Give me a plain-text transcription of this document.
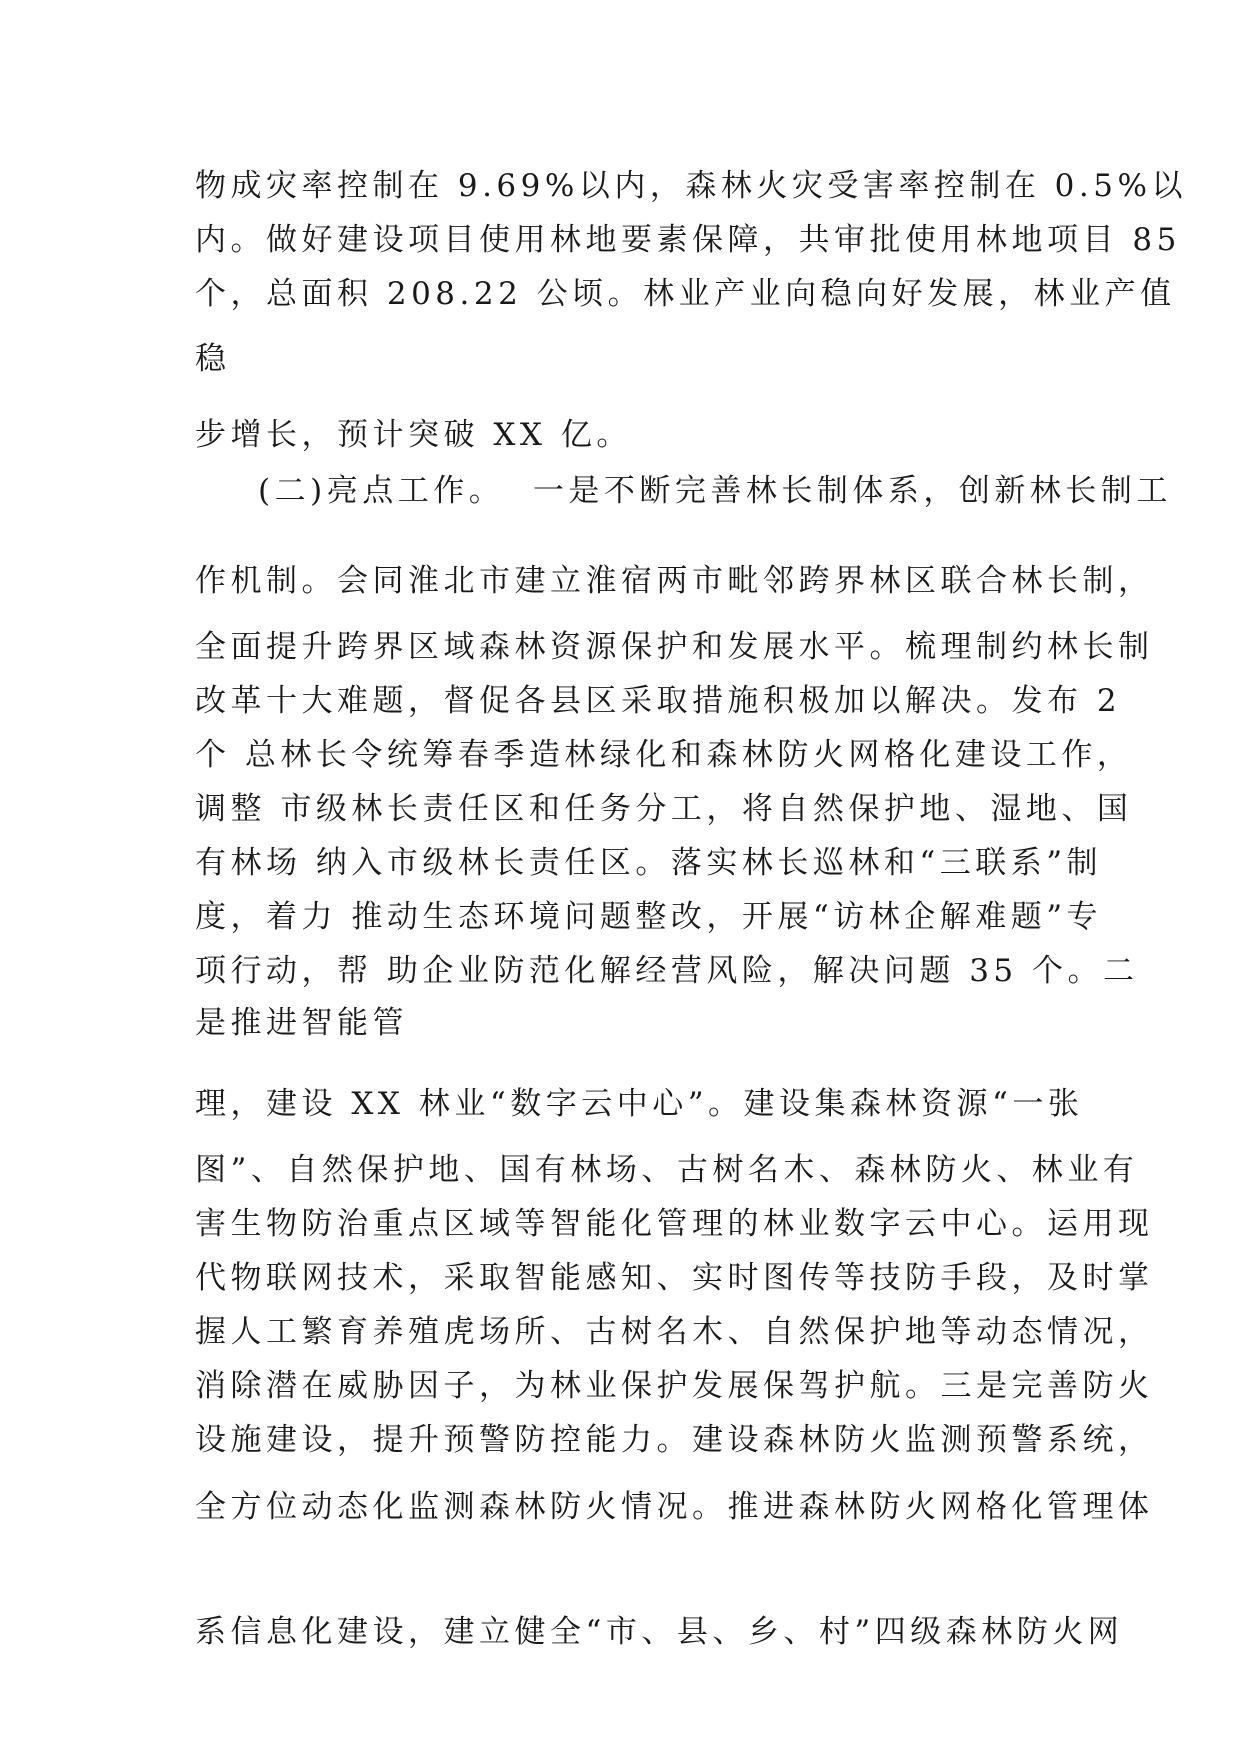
物成灾率控制在 9.69%以内，森林火灾受害率控制在 0.5%以

内。做好建设项目使用林地要素保障，共审批使用林地项目 85

个，总面积 208.22 公顷。林业产业向稳向好发展，林业产值

稳

步增长，预计突破 XX 亿。

(二)亮点工作。  一是不断完善林长制体系，创新林长制工

作机制。会同淮北市建立淮宿两市毗邻跨界林区联合林长制，

全面提升跨界区域森林资源保护和发展水平。梳理制约林长制

改革十大难题，督促各县区采取措施积极加以解决。发布 2

个 总林长令统筹春季造林绿化和森林防火网格化建设工作，

调整 市级林长责任区和任务分工，将自然保护地、湿地、国

有林场 纳入市级林长责任区。落实林长巡林和“三联系”制

度，着力 推动生态环境问题整改，开展“访林企解难题”专

项行动，帮 助企业防范化解经营风险，解决问题 35 个。二

是推进智能管

理，建设 XX 林业“数字云中心”。建设集森林资源“一张

图”、自然保护地、国有林场、古树名木、森林防火、林业有

害生物防治重点区域等智能化管理的林业数字云中心。运用现

代物联网技术，采取智能感知、实时图传等技防手段，及时掌

握人工繁育养殖虎场所、古树名木、自然保护地等动态情况，

消除潜在威胁因子，为林业保护发展保驾护航。三是完善防火

设施建设，提升预警防控能力。建设森林防火监测预警系统，

全方位动态化监测森林防火情况。推进森林防火网格化管理体

系信息化建设，建立健全“市、县、乡、村”四级森林防火网
